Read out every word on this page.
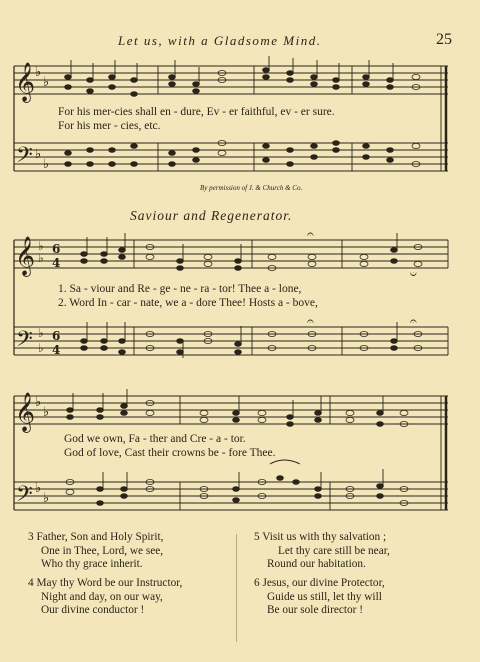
𝄞
𝄢
𝄞
𝄢
𝄞
𝄢
♭
♭
♭
♭
♭
♭
♭
♭
♭
♭
♭
♭
6
4
6
4
𝄐
𝄑
𝄐	𝄐
Let us, with a Gladsome Mind.	25
For his mer-cies shall en - dure, Ev - er faithful, ev - er sure.
For his mer - cies, etc.
By permission of J. & Church & Co.
Saviour and Regenerator.
1. Sa - viour and Re - ge - ne - ra - tor! Thee a - lone,
2. Word In - car - nate, we a - dore Thee! Hosts a - bove,
God we own, Fa - ther and Cre - a - tor.
God of love, Cast their crowns be - fore Thee.
3 Father, Son and Holy Spirit,
One in Thee, Lord, we see,
Who thy grace inherit.
4 May thy Word be our Instructor,
Night and day, on our way,
Our divine conductor !
5 Visit us with thy salvation ;
Let thy care still be near,
Round our habitation.
6 Jesus, our divine Protector,
Guide us still, let thy will
Be our sole director !
